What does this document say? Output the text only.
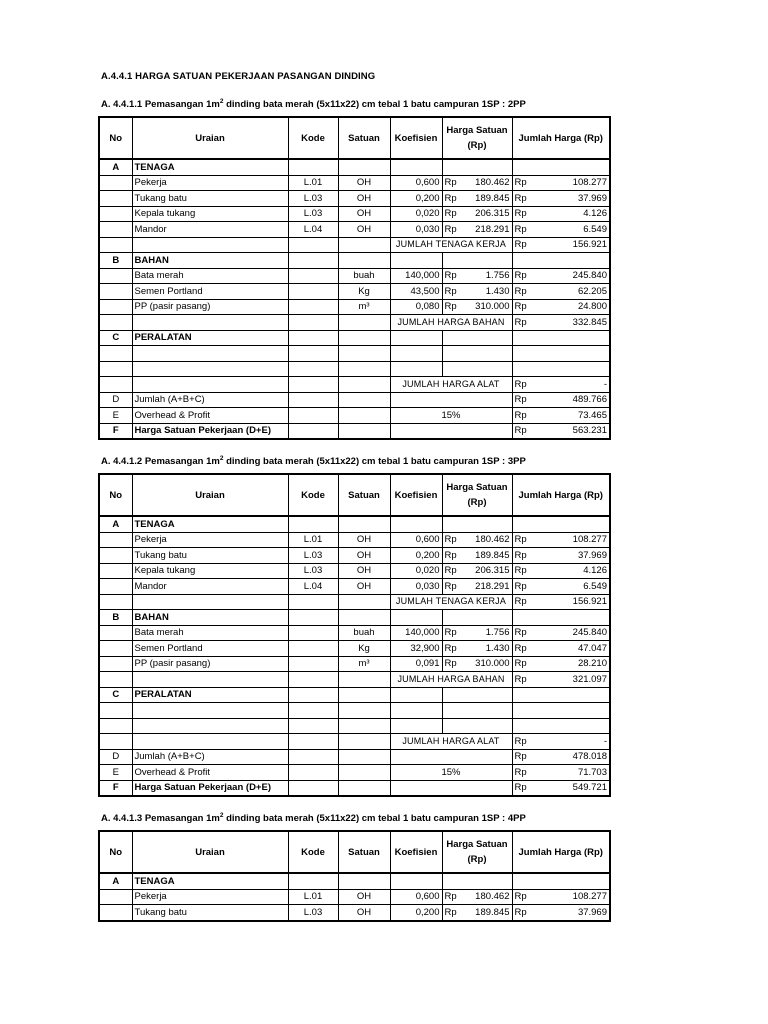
A.4.4.1 HARGA SATUAN PEKERJAAN PASANGAN DINDING
A. 4.4.1.1 Pemasangan $1m^2$ dinding bata merah (5x11x22) cm tebal 1 batu campuran 1SP : 2PP
No	Uraian	Kode	Satuan	Koefisien	Harga Satuan
(Rp)	Jumlah Harga (Rp)
A	TENAGA					
	Pekerja	L.01	OH	0,600	Rp 180.462	Rp 108.277

	Tukang batu	L.03	OH	0,200	Rp 189.845	Rp 37.969

	Kepala tukang	L.03	OH	0,020	Rp 206.315	Rp 4.126

	Mandor	L.04	OH	0,030	Rp 218.291	Rp 6.549

				JUMLAH TENAGA KERJA		Rp 156.921

B	BAHAN					
	Bata merah		buah	140,000	Rp 1.756	Rp 245.840

	Semen Portland		Kg	43,500	Rp 1.430	Rp 62.205

	PP (pasir pasang)		m³	0,080	Rp 310.000	Rp 24.800

				JUMLAH HARGA BAHAN		Rp 332.845

C	PERALATAN					

				JUMLAH HARGA ALAT		Rp -

D	Jumlah (A+B+C)					Rp 489.766

E	Overhead & Profit			15%		Rp 73.465

F	Harga Satuan Pekerjaan (D+E)					Rp 563.231
A. 4.4.1.2 Pemasangan $1m^2$ dinding bata merah (5x11x22) cm tebal 1 batu campuran 1SP : 3PP
No	Uraian	Kode	Satuan	Koefisien	Harga Satuan
(Rp)	Jumlah Harga (Rp)
A	TENAGA					
	Pekerja	L.01	OH	0,600	Rp 180.462	Rp 108.277

	Tukang batu	L.03	OH	0,200	Rp 189.845	Rp 37.969

	Kepala tukang	L.03	OH	0,020	Rp 206.315	Rp 4.126

	Mandor	L.04	OH	0,030	Rp 218.291	Rp 6.549

				JUMLAH TENAGA KERJA		Rp 156.921

B	BAHAN					
	Bata merah		buah	140,000	Rp 1.756	Rp 245.840

	Semen Portland		Kg	32,900	Rp 1.430	Rp 47.047

	PP (pasir pasang)		m³	0,091	Rp 310.000	Rp 28.210

				JUMLAH HARGA BAHAN		Rp 321.097

C	PERALATAN					

				JUMLAH HARGA ALAT		Rp -

D	Jumlah (A+B+C)					Rp 478.018

E	Overhead & Profit			15%		Rp 71.703

F	Harga Satuan Pekerjaan (D+E)					Rp 549.721
A. 4.4.1.3 Pemasangan $1m^2$ dinding bata merah (5x11x22) cm tebal 1 batu campuran 1SP : 4PP
No	Uraian	Kode	Satuan	Koefisien	Harga Satuan
(Rp)	Jumlah Harga (Rp)
A	TENAGA					
	Pekerja	L.01	OH	0,600	Rp 180.462	Rp 108.277

	Tukang batu	L.03	OH	0,200	Rp 189.845	Rp 37.969
